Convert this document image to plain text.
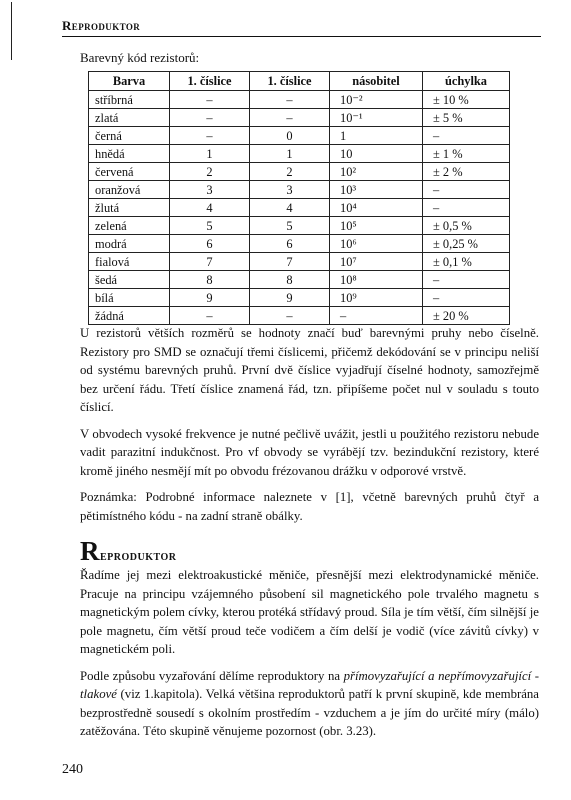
Reproduktor
Barevný kód rezistorů:
Barva	1. číslice	1. číslice	násobitel	úchylka
stříbrná	–	–	10⁻²	± 10 %
zlatá	–	–	10⁻¹	± 5 %
černá	–	0	1	–
hnědá	1	1	10	± 1 %
červená	2	2	10²	± 2 %
oranžová	3	3	10³	–
žlutá	4	4	10⁴	–
zelená	5	5	10⁵	± 0,5 %
modrá	6	6	10⁶	± 0,25 %
fialová	7	7	10⁷	± 0,1 %
šedá	8	8	10⁸	–
bílá	9	9	10⁹	–
žádná	–	–	–	± 20 %

U rezistorů větších rozměrů se hodnoty značí buď barevnými pruhy nebo číselně. Rezistory pro SMD se označují třemi číslicemi, přičemž dekódování se v principu neliší od systému barevných pruhů. První dvě číslice vyjadřují číselné hodnoty, samozřejmě bez určení řádu. Třetí číslice znamená řád, tzn. připíšeme počet nul v souladu s touto číslicí.

V obvodech vysoké frekvence je nutné pečlivě uvážit, jestli u použitého rezistoru nebude vadit parazitní indukčnost. Pro vf obvody se vyrábějí tzv. bezindukční rezistory, které kromě jiného nesmějí mít po obvodu frézovanou drážku v odporové vrstvě.

Poznámka: Podrobné informace naleznete v [1], včetně barevných pruhů čtyř a pětimístného kódu - na zadní straně obálky.

Reproduktor

Řadíme jej mezi elektroakustické měniče, přesnější mezi elektrodynamické měniče. Pracuje na principu vzájemného působení sil magnetického pole trvalého magnetu s magnetickým polem cívky, kterou protéká střídavý proud. Síla je tím větší, čím silnější je pole magnetu, čím větší proud teče vodičem a čím delší je vodič (více závitů cívky) v magnetickém poli.

Podle způsobu vyzařování dělíme reproduktory na přímovyzařující a nepřímovyzařující - tlakové (viz 1.kapitola). Velká většina reproduktorů patří k první skupině, kde membrána bezprostředně sousedí s okolním prostředím - vzduchem a je jím do určité míry (málo) zatěžována. Této skupině věnujeme pozornost (obr. 3.23).

240
